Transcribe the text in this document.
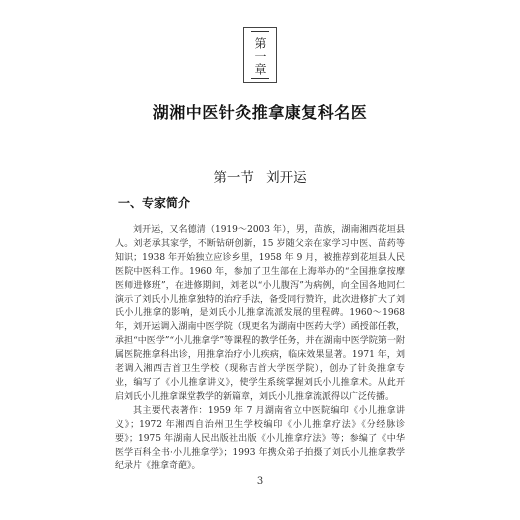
第一章
湖湘中医针灸推拿康复科名医
第一节 刘开运
一、专家简介

刘开运，又名德清（1919～2003 年），男，苗族，湖南湘西花垣县人。刘老承其家学，不断钻研创新，15 岁随父亲在家学习中医、苗药等知识；1938 年开始独立应诊乡里，1958 年 9 月，被推荐到花垣县人民医院中医科工作。1960 年，参加了卫生部在上海举办的“全国推拿按摩医师进修班”，在进修期间，刘老以“小儿腹泻”为病例，向全国各地同仁演示了刘氏小儿推拿独特的治疗手法，备受同行赞许，此次进修扩大了刘氏小儿推拿的影响，是刘氏小儿推拿流派发展的里程碑。1960～1968 年，刘开运调入湖南中医学院（现更名为湖南中医药大学）函授部任教，承担“中医学”“小儿推拿学”等课程的教学任务，并在湖南中医学院第一附属医院推拿科出诊，用推拿治疗小儿疾病，临床效果显著。1971 年，刘老调入湘西吉首卫生学校（现称吉首大学医学院），创办了针灸推拿专业，编写了《小儿推拿讲义》，使学生系统掌握刘氏小儿推拿术。从此开启刘氏小儿推拿课堂教学的新篇章，刘氏小儿推拿流派得以广泛传播。

其主要代表著作：1959 年 7 月湖南省立中医院编印《小儿推拿讲义》；1972 年湘西自治州卫生学校编印《小儿推拿疗法》《分经脉诊要》；1975 年湖南人民出版社出版《小儿推拿疗法》等；参编了《中华医学百科全书·小儿推拿学》；1993 年携众弟子拍摄了刘氏小儿推拿教学纪录片《推拿奇葩》。

3
